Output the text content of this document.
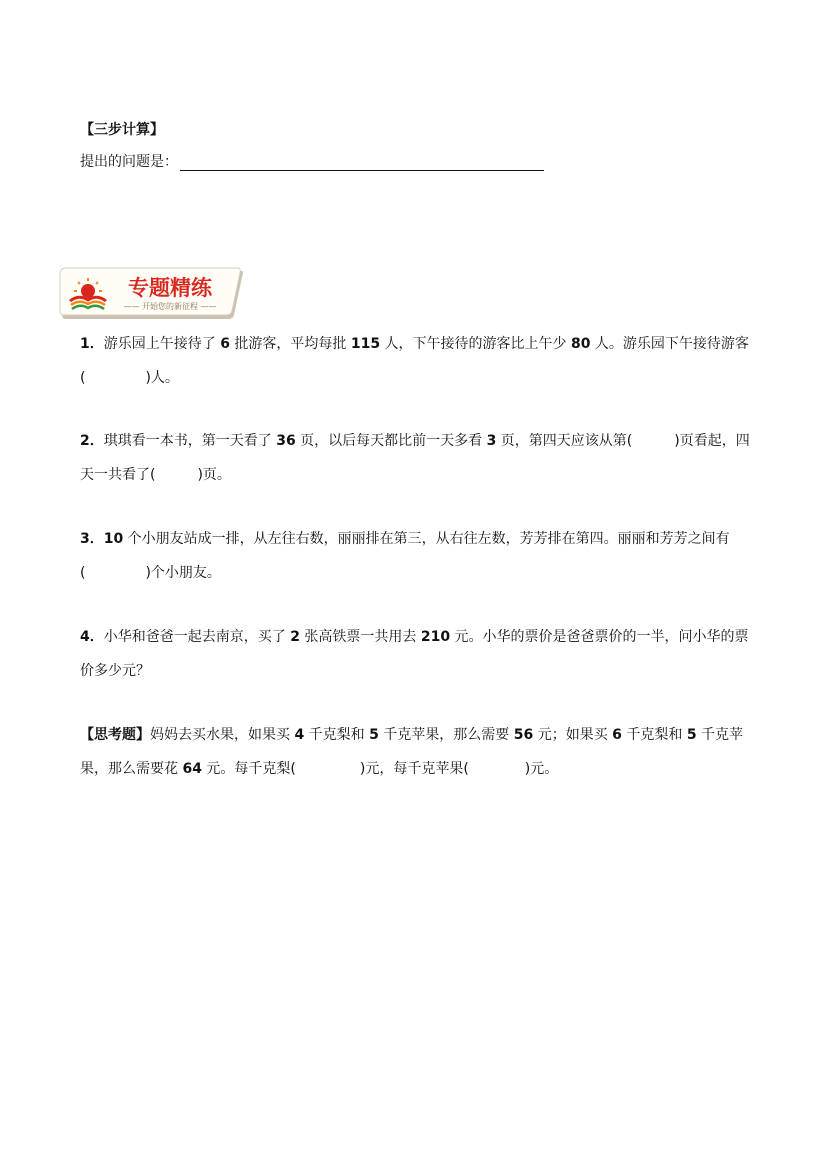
【三步计算】
提出的问题是：
专题精练
—— 开始您的新征程 ——
1．游乐园上午接待了 6 批游客，平均每批 115 人，下午接待的游客比上午少 80 人。游乐园下午接待游客
(	)人。
2．琪琪看一本书，第一天看了 36 页，以后每天都比前一天多看 3 页，第四天应该从第(	)页看起，四
天一共看了(	)页。
3．10 个小朋友站成一排，从左往右数，丽丽排在第三，从右往左数，芳芳排在第四。丽丽和芳芳之间有
(	)个小朋友。
4．小华和爸爸一起去南京，买了 2 张高铁票一共用去 210 元。小华的票价是爸爸票价的一半，问小华的票
价多少元？
【思考题】妈妈去买水果，如果买 4 千克梨和 5 千克苹果，那么需要 56 元；如果买 6 千克梨和 5 千克苹
果，那么需要花 64 元。每千克梨(	)元，每千克苹果(	)元。
